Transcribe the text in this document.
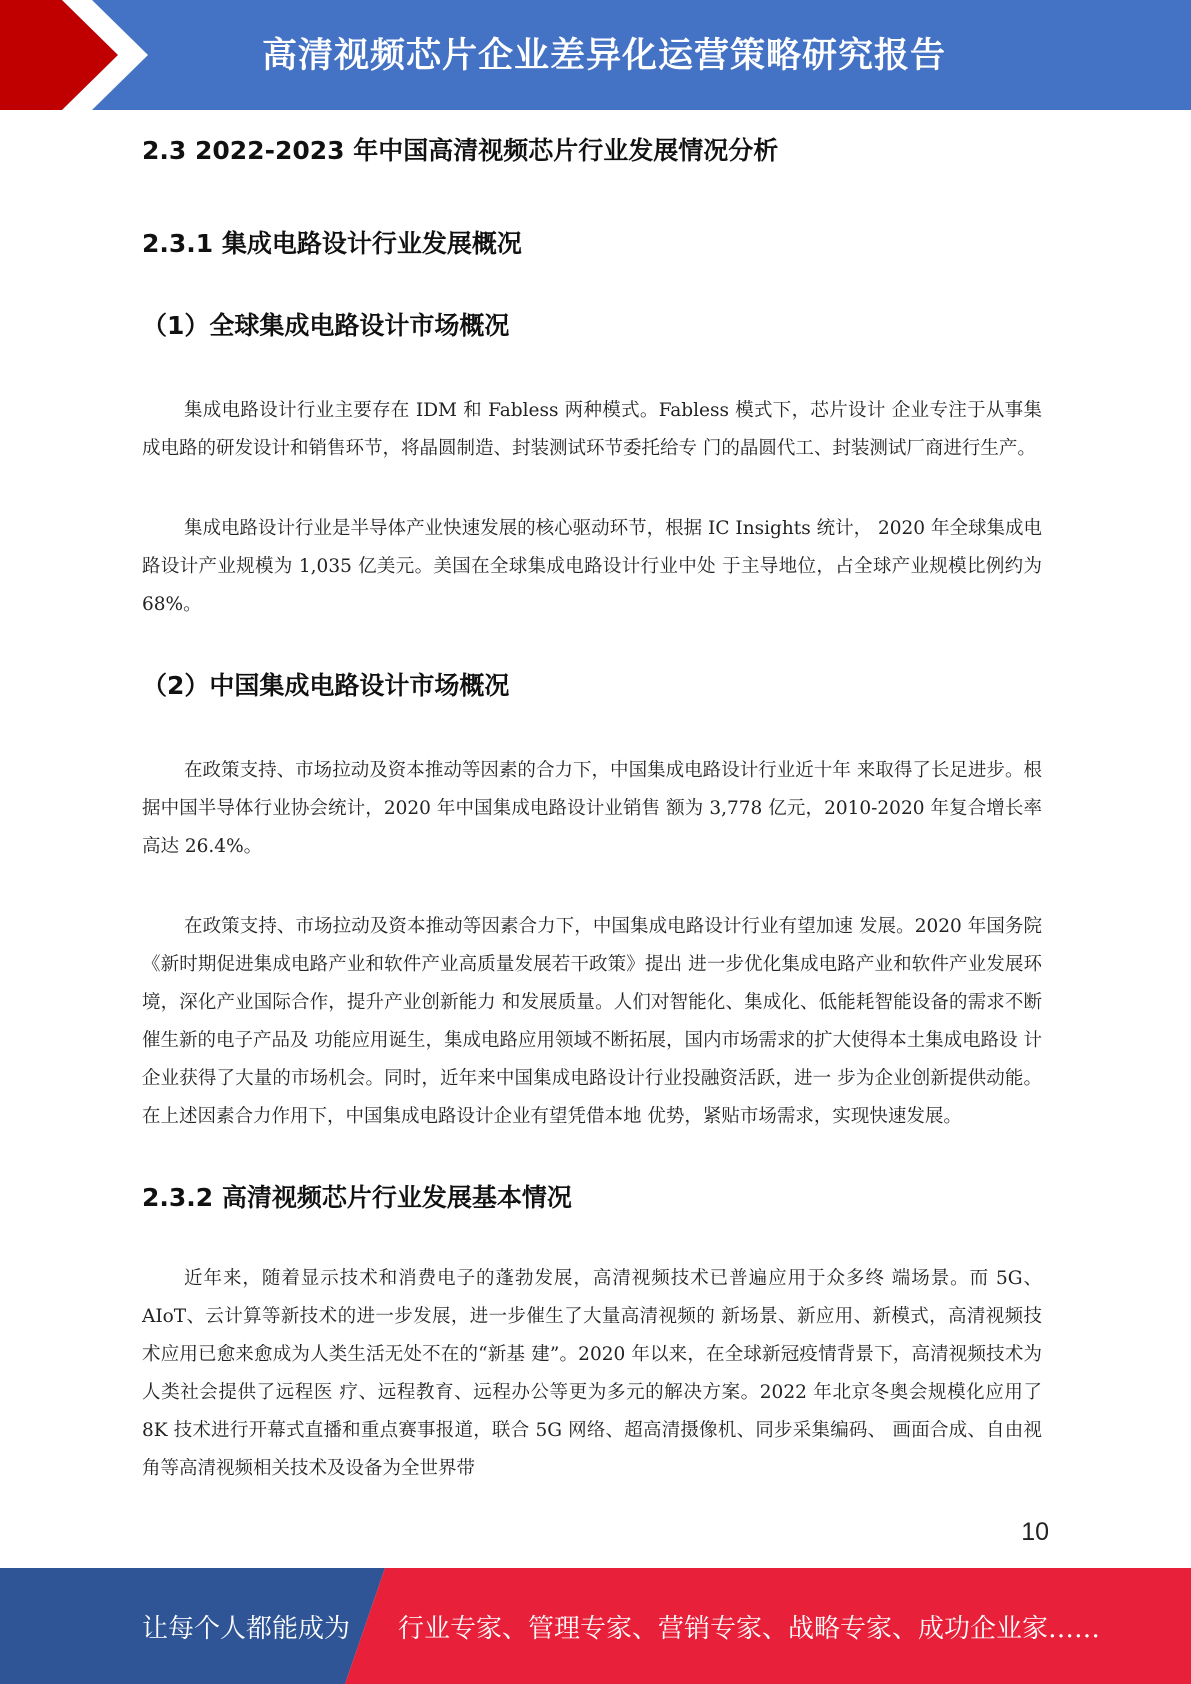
高清视频芯片企业差异化运营策略研究报告
2.3 2022-2023 年中国高清视频芯片行业发展情况分析
2.3.1 集成电路设计行业发展概况
（1）全球集成电路设计市场概况

集成电路设计行业主要存在 IDM 和 Fabless 两种模式。Fabless 模式下，芯片设计 企业专注于从事集成电路的研发设计和销售环节，将晶圆制造、封装测试环节委托给专 门的晶圆代工、封装测试厂商进行生产。

集成电路设计行业是半导体产业快速发展的核心驱动环节，根据 IC Insights 统计， 2020 年全球集成电路设计产业规模为 1,035 亿美元。美国在全球集成电路设计行业中处 于主导地位，占全球产业规模比例约为 68%。

（2）中国集成电路设计市场概况

在政策支持、市场拉动及资本推动等因素的合力下，中国集成电路设计行业近十年 来取得了长足进步。根据中国半导体行业协会统计，2020 年中国集成电路设计业销售 额为 3,778 亿元，2010-2020 年复合增长率高达 26.4%。

在政策支持、市场拉动及资本推动等因素合力下，中国集成电路设计行业有望加速 发展。2020 年国务院《新时期促进集成电路产业和软件产业高质量发展若干政策》提出 进一步优化集成电路产业和软件产业发展环境，深化产业国际合作，提升产业创新能力 和发展质量。人们对智能化、集成化、低能耗智能设备的需求不断催生新的电子产品及 功能应用诞生，集成电路应用领域不断拓展，国内市场需求的扩大使得本土集成电路设 计企业获得了大量的市场机会。同时，近年来中国集成电路设计行业投融资活跃，进一 步为企业创新提供动能。在上述因素合力作用下，中国集成电路设计企业有望凭借本地 优势，紧贴市场需求，实现快速发展。

2.3.2 高清视频芯片行业发展基本情况

近年来，随着显示技术和消费电子的蓬勃发展，高清视频技术已普遍应用于众多终 端场景。而 5G、AIoT、云计算等新技术的进一步发展，进一步催生了大量高清视频的 新场景、新应用、新模式，高清视频技术应用已愈来愈成为人类生活无处不在的“新基 建”。2020 年以来，在全球新冠疫情背景下，高清视频技术为人类社会提供了远程医 疗、远程教育、远程办公等更为多元的解决方案。2022 年北京冬奥会规模化应用了 8K 技术进行开幕式直播和重点赛事报道，联合 5G 网络、超高清摄像机、同步采集编码、 画面合成、自由视角等高清视频相关技术及设备为全世界带

10
让每个人都能成为 行业专家、管理专家、营销专家、战略专家、成功企业家……
